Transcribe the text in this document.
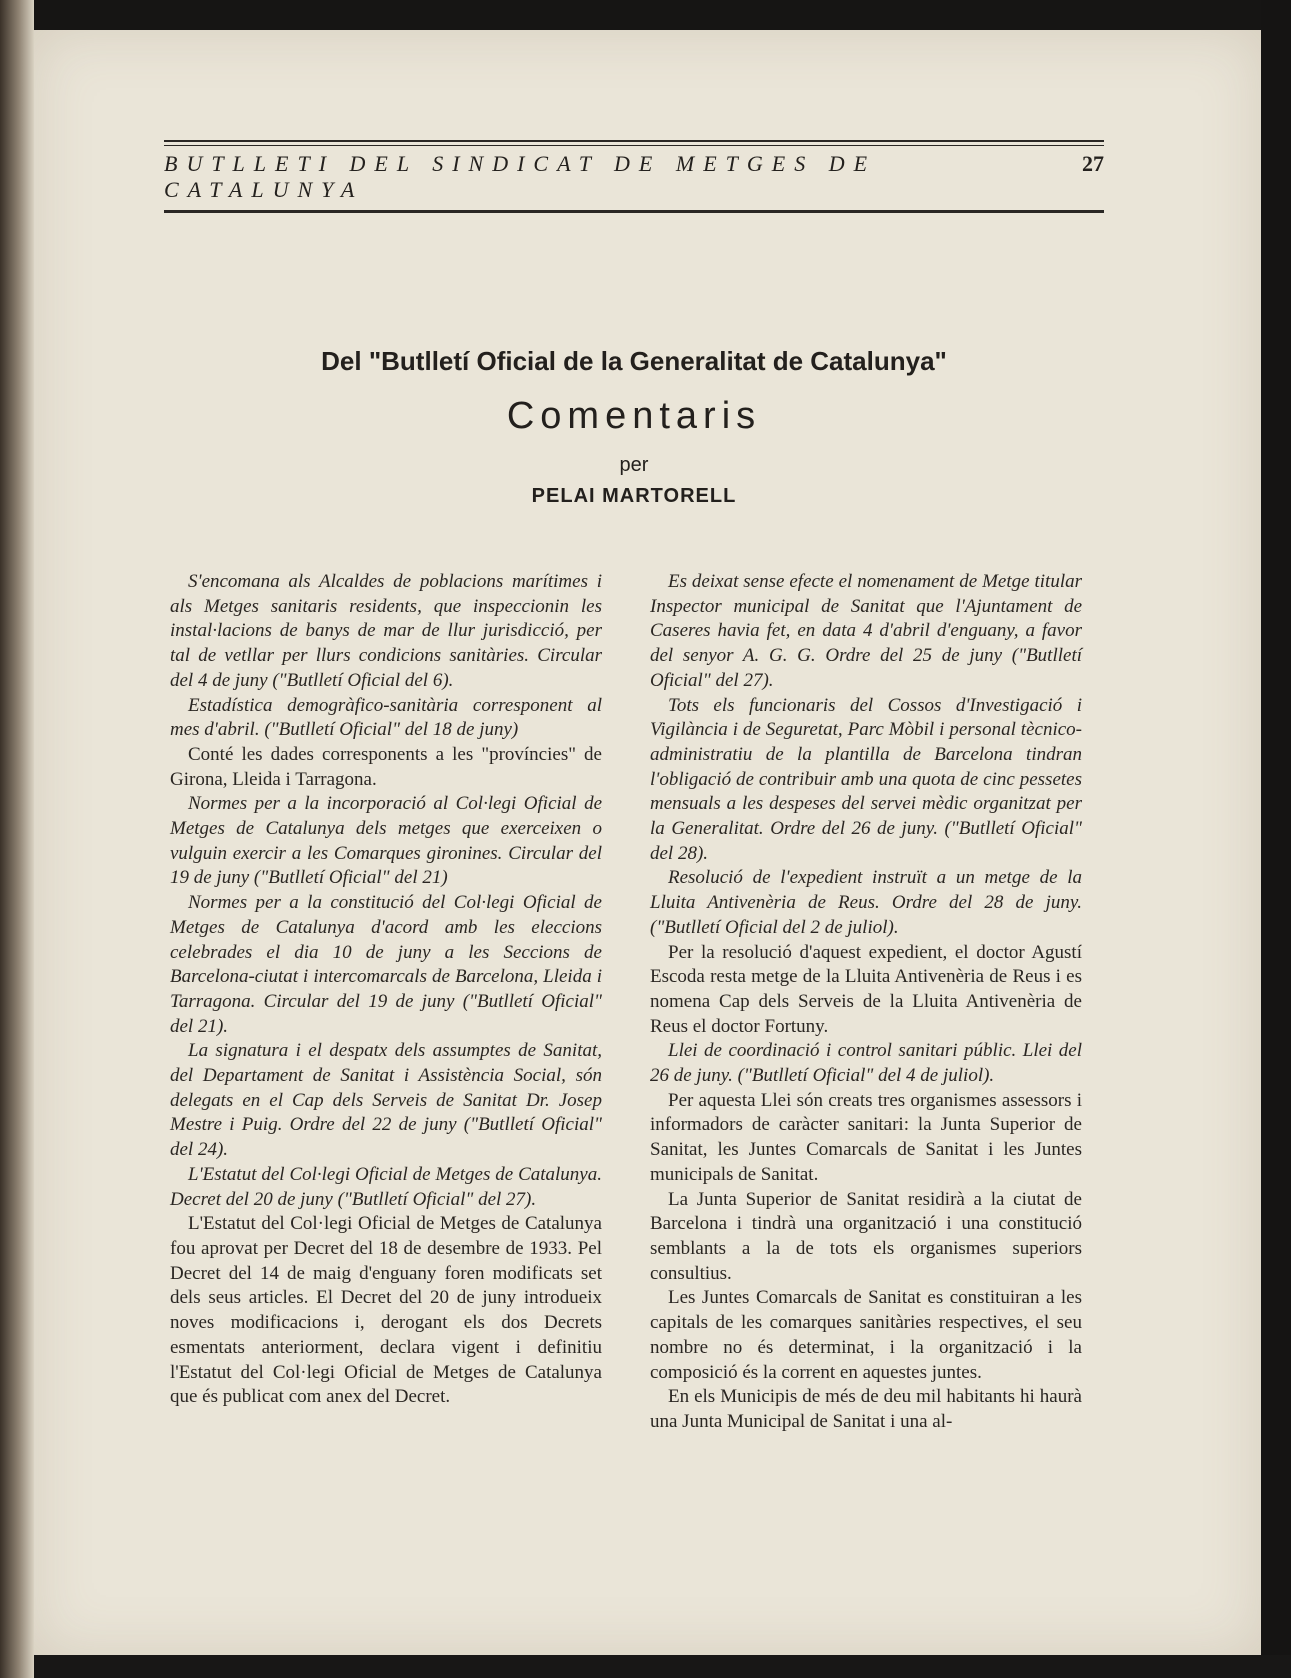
BUTLLETI DEL SINDICAT DE METGES DE CATALUNYA
27

Del "Butlletí Oficial de la Generalitat de Catalunya"

Comentaris

per

PELAI MARTORELL

S'encomana als Alcaldes de poblacions marítimes i als Metges sanitaris residents, que inspeccionin les instal·lacions de banys de mar de llur jurisdicció, per tal de vetllar per llurs condicions sanitàries. Circular del 4 de juny ("Butlletí Oficial del 6).

Estadística demogràfico-sanitària corresponent al mes d'abril. ("Butlletí Oficial" del 18 de juny)

Conté les dades corresponents a les "províncies" de Girona, Lleida i Tarragona.

Normes per a la incorporació al Col·legi Oficial de Metges de Catalunya dels metges que exerceixen o vulguin exercir a les Comarques gironines. Circular del 19 de juny ("Butlletí Oficial" del 21)

Normes per a la constitució del Col·legi Oficial de Metges de Catalunya d'acord amb les eleccions celebrades el dia 10 de juny a les Seccions de Barcelona-ciutat i intercomarcals de Barcelona, Lleida i Tarragona. Circular del 19 de juny ("Butlletí Oficial" del 21).

La signatura i el despatx dels assumptes de Sanitat, del Departament de Sanitat i Assistència Social, són delegats en el Cap dels Serveis de Sanitat Dr. Josep Mestre i Puig. Ordre del 22 de juny ("Butlletí Oficial" del 24).

L'Estatut del Col·legi Oficial de Metges de Catalunya. Decret del 20 de juny ("Butlletí Oficial" del 27).

L'Estatut del Col·legi Oficial de Metges de Catalunya fou aprovat per Decret del 18 de desembre de 1933. Pel Decret del 14 de maig d'enguany foren modificats set dels seus articles. El Decret del 20 de juny introdueix noves modificacions i, derogant els dos Decrets esmentats anteriorment, declara vigent i definitiu l'Estatut del Col·legi Oficial de Metges de Catalunya que és publicat com anex del Decret.

Es deixat sense efecte el nomenament de Metge titular Inspector municipal de Sanitat que l'Ajuntament de Caseres havia fet, en data 4 d'abril d'enguany, a favor del senyor A. G. G. Ordre del 25 de juny ("Butlletí Oficial" del 27).

Tots els funcionaris del Cossos d'Investigació i Vigilància i de Seguretat, Parc Mòbil i personal tècnico-administratiu de la plantilla de Barcelona tindran l'obligació de contribuir amb una quota de cinc pessetes mensuals a les despeses del servei mèdic organitzat per la Generalitat. Ordre del 26 de juny. ("Butlletí Oficial" del 28).

Resolució de l'expedient instruït a un metge de la Lluita Antivenèria de Reus. Ordre del 28 de juny. ("Butlletí Oficial del 2 de juliol).

Per la resolució d'aquest expedient, el doctor Agustí Escoda resta metge de la Lluita Antivenèria de Reus i es nomena Cap dels Serveis de la Lluita Antivenèria de Reus el doctor Fortuny.

Llei de coordinació i control sanitari públic. Llei del 26 de juny. ("Butlletí Oficial" del 4 de juliol).

Per aquesta Llei són creats tres organismes assessors i informadors de caràcter sanitari: la Junta Superior de Sanitat, les Juntes Comarcals de Sanitat i les Juntes municipals de Sanitat.

La Junta Superior de Sanitat residirà a la ciutat de Barcelona i tindrà una organització i una constitució semblants a la de tots els organismes superiors consultius.

Les Juntes Comarcals de Sanitat es constituiran a les capitals de les comarques sanitàries respectives, el seu nombre no és determinat, i la organització i la composició és la corrent en aquestes juntes.

En els Municipis de més de deu mil habitants hi haurà una Junta Municipal de Sanitat i una al-
